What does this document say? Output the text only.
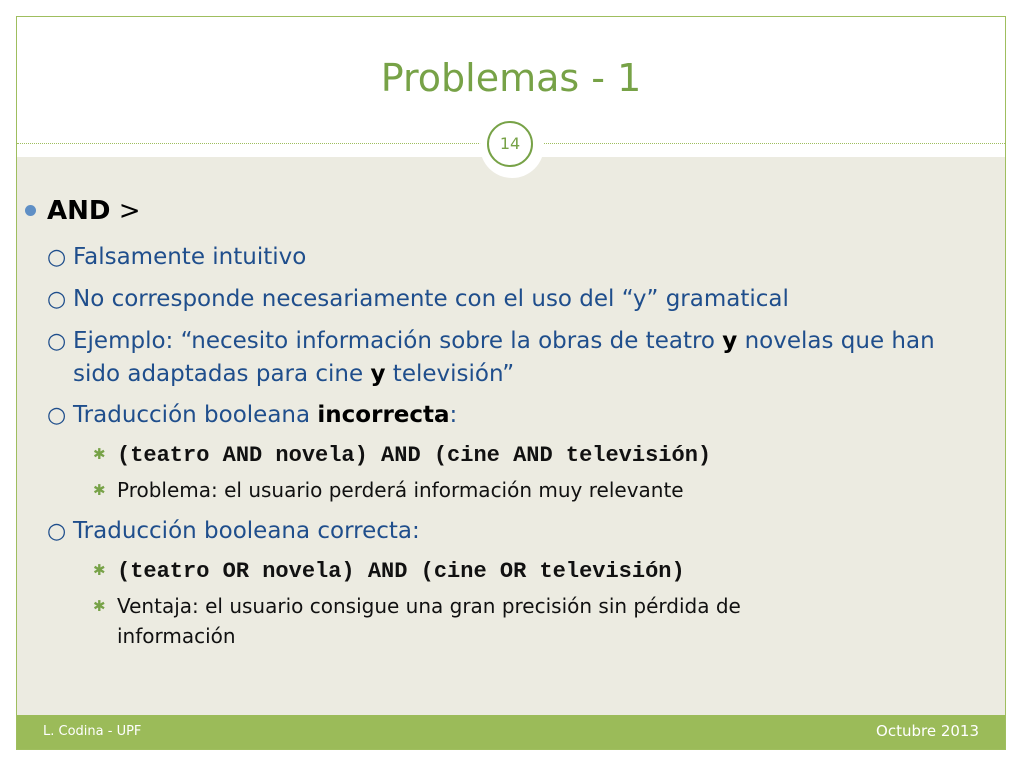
Problemas - 1
AND >
○ Falsamente intuitivo
○ No corresponde necesariamente con el uso del “y” gramatical
○ Ejemplo: “necesito información sobre la obras de teatro y novelas que han sido adaptadas para cine y televisión”
○ Traducción booleana incorrecta:
✱ (teatro AND novela) AND (cine AND televisión)
✱ Problema: el usuario perderá información muy relevante
○ Traducción booleana correcta:
✱ (teatro OR novela) AND (cine OR televisión)
✱ Ventaja: el usuario consigue una gran precisión sin pérdida de información
14
L. Codina - UPF	Octubre 2013
